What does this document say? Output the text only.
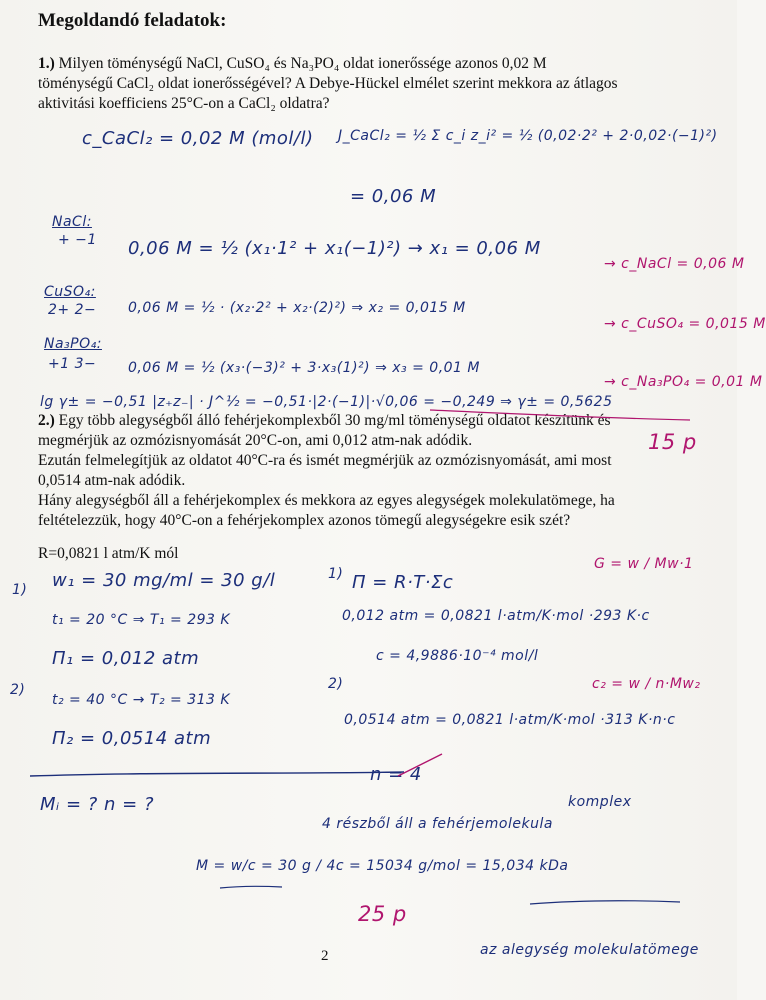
Megoldandó feladatok:
1.) Milyen töménységű NaCl, CuSO₄ és Na₃PO₄ oldat ionerőssége azonos 0,02 M
töménységű CaCl₂ oldat ionerősségével? A Debye-Hückel elmélet szerint mekkora az átlagos
aktivitási koefficiens 25°C-on a CaCl₂ oldatra?
c_CaCl₂ = 0,02 M (mol/l) J_CaCl₂ = ½ Σ c_i z_i² = ½ (0,02·2² + 2·0,02·(−1)²)
= 0,06 M
NaCl:
+ −1 0,06 M = ½ (x₁·1² + x₁(−1)²) → x₁ = 0,06 M
→ c_NaCl = 0,06 M
CuSO₄:
2+ 2− 0,06 M = ½ · (x₂·2² + x₂·(2)²) ⇒ x₂ = 0,015 M
→ c_CuSO₄ = 0,015 M
Na₃PO₄:
+1 3− 0,06 M = ½ (x₃·(−3)² + 3·x₃(1)²) ⇒ x₃ = 0,01 M
→ c_Na₃PO₄ = 0,01 M
lg γ± = −0,51 |z₊z₋| · J^½ = −0,51·|2·(−1)|·√0,06 = −0,249 ⇒ γ± = 0,5625
15 p
2.) Egy több alegységből álló fehérjekomplexből 30 mg/ml töménységű oldatot készítünk és
megmérjük az ozmózisnyomását 20°C-on, ami 0,012 atm-nak adódik.
Ezután felmelegítjük az oldatot 40°C-ra és ismét megmérjük az ozmózisnyomását, ami most
0,0514 atm-nak adódik.
Hány alegységből áll a fehérjekomplex és mekkora az egyes alegységek molekulatömege, ha
feltételezzük, hogy 40°C-on a fehérjekomplex azonos tömegű alegységekre esik szét?
R=0,0821 l atm/K mól
1) w₁ = 30 mg/ml = 30 g/l
t₁ = 20 °C ⇒ T₁ = 293 K
Π₁ = 0,012 atm
2)
t₂ = 40 °C → T₂ = 313 K
Π₂ = 0,0514 atm
1) Π = R·T·Σc
0,012 atm = 0,0821 l·atm/K·mol ·293 K·c
c = 4,9886·10⁻⁴ mol/l
2)
0,0514 atm = 0,0821 l·atm/K·mol ·313 K·n·c
G = w / Mw·1
c₂ = w / n·Mw₂
n = 4
Mᵢ = ? n = ?	komplex
4 részből áll a fehérjemolekula
M = w/c = 30 g / 4c = 15034 g/mol = 15,034 kDa
25 p
az alegység molekulatömege
2
